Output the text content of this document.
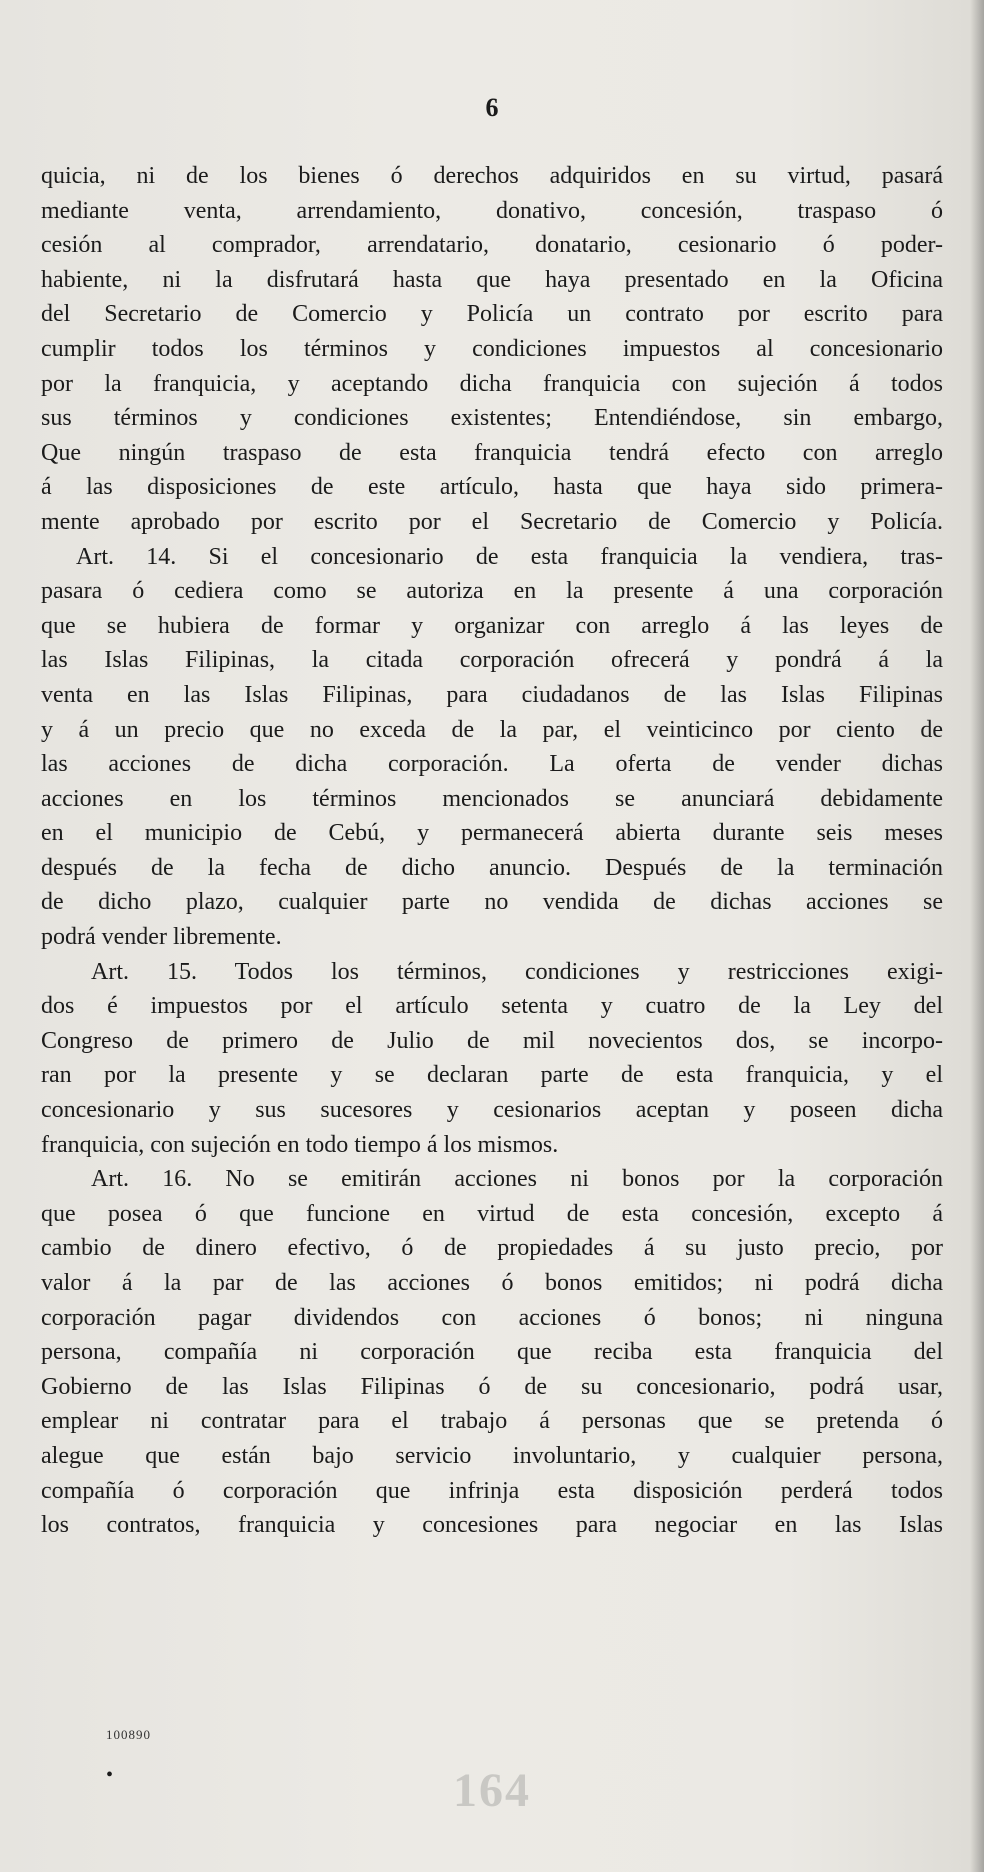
6
quicia, ni de los bienes ó derechos adquiridos en su virtud, pasará
mediante venta, arrendamiento, donativo, concesión, traspaso ó
cesión al comprador, arrendatario, donatario, cesionario ó poder-
habiente, ni la disfrutará hasta que haya presentado en la Oficina
del Secretario de Comercio y Policía un contrato por escrito para
cumplir todos los términos y condiciones impuestos al concesionario
por la franquicia, y aceptando dicha franquicia con sujeción á todos
sus términos y condiciones existentes; Entendiéndose, sin embargo,
Que ningún traspaso de esta franquicia tendrá efecto con arreglo
á las disposiciones de este artículo, hasta que haya sido primera-
mente aprobado por escrito por el Secretario de Comercio y Policía.
Art. 14. Si el concesionario de esta franquicia la vendiera, tras-
pasara ó cediera como se autoriza en la presente á una corporación
que se hubiera de formar y organizar con arreglo á las leyes de
las Islas Filipinas, la citada corporación ofrecerá y pondrá á la
venta en las Islas Filipinas, para ciudadanos de las Islas Filipinas
y á un precio que no exceda de la par, el veinticinco por ciento de
las acciones de dicha corporación. La oferta de vender dichas
acciones en los términos mencionados se anunciará debidamente
en el municipio de Cebú, y permanecerá abierta durante seis meses
después de la fecha de dicho anuncio. Después de la terminación
de dicho plazo, cualquier parte no vendida de dichas acciones se
podrá vender libremente.
Art. 15. Todos los términos, condiciones y restricciones exigi-
dos é impuestos por el artículo setenta y cuatro de la Ley del
Congreso de primero de Julio de mil novecientos dos, se incorpo-
ran por la presente y se declaran parte de esta franquicia, y el
concesionario y sus sucesores y cesionarios aceptan y poseen dicha
franquicia, con sujeción en todo tiempo á los mismos.
Art. 16. No se emitirán acciones ni bonos por la corporación
que posea ó que funcione en virtud de esta concesión, excepto á
cambio de dinero efectivo, ó de propiedades á su justo precio, por
valor á la par de las acciones ó bonos emitidos; ni podrá dicha
corporación pagar dividendos con acciones ó bonos; ni ninguna
persona, compañía ni corporación que reciba esta franquicia del
Gobierno de las Islas Filipinas ó de su concesionario, podrá usar,
emplear ni contratar para el trabajo á personas que se pretenda ó
alegue que están bajo servicio involuntario, y cualquier persona,
compañía ó corporación que infrinja esta disposición perderá todos
los contratos, franquicia y concesiones para negociar en las Islas
100890
•	164
